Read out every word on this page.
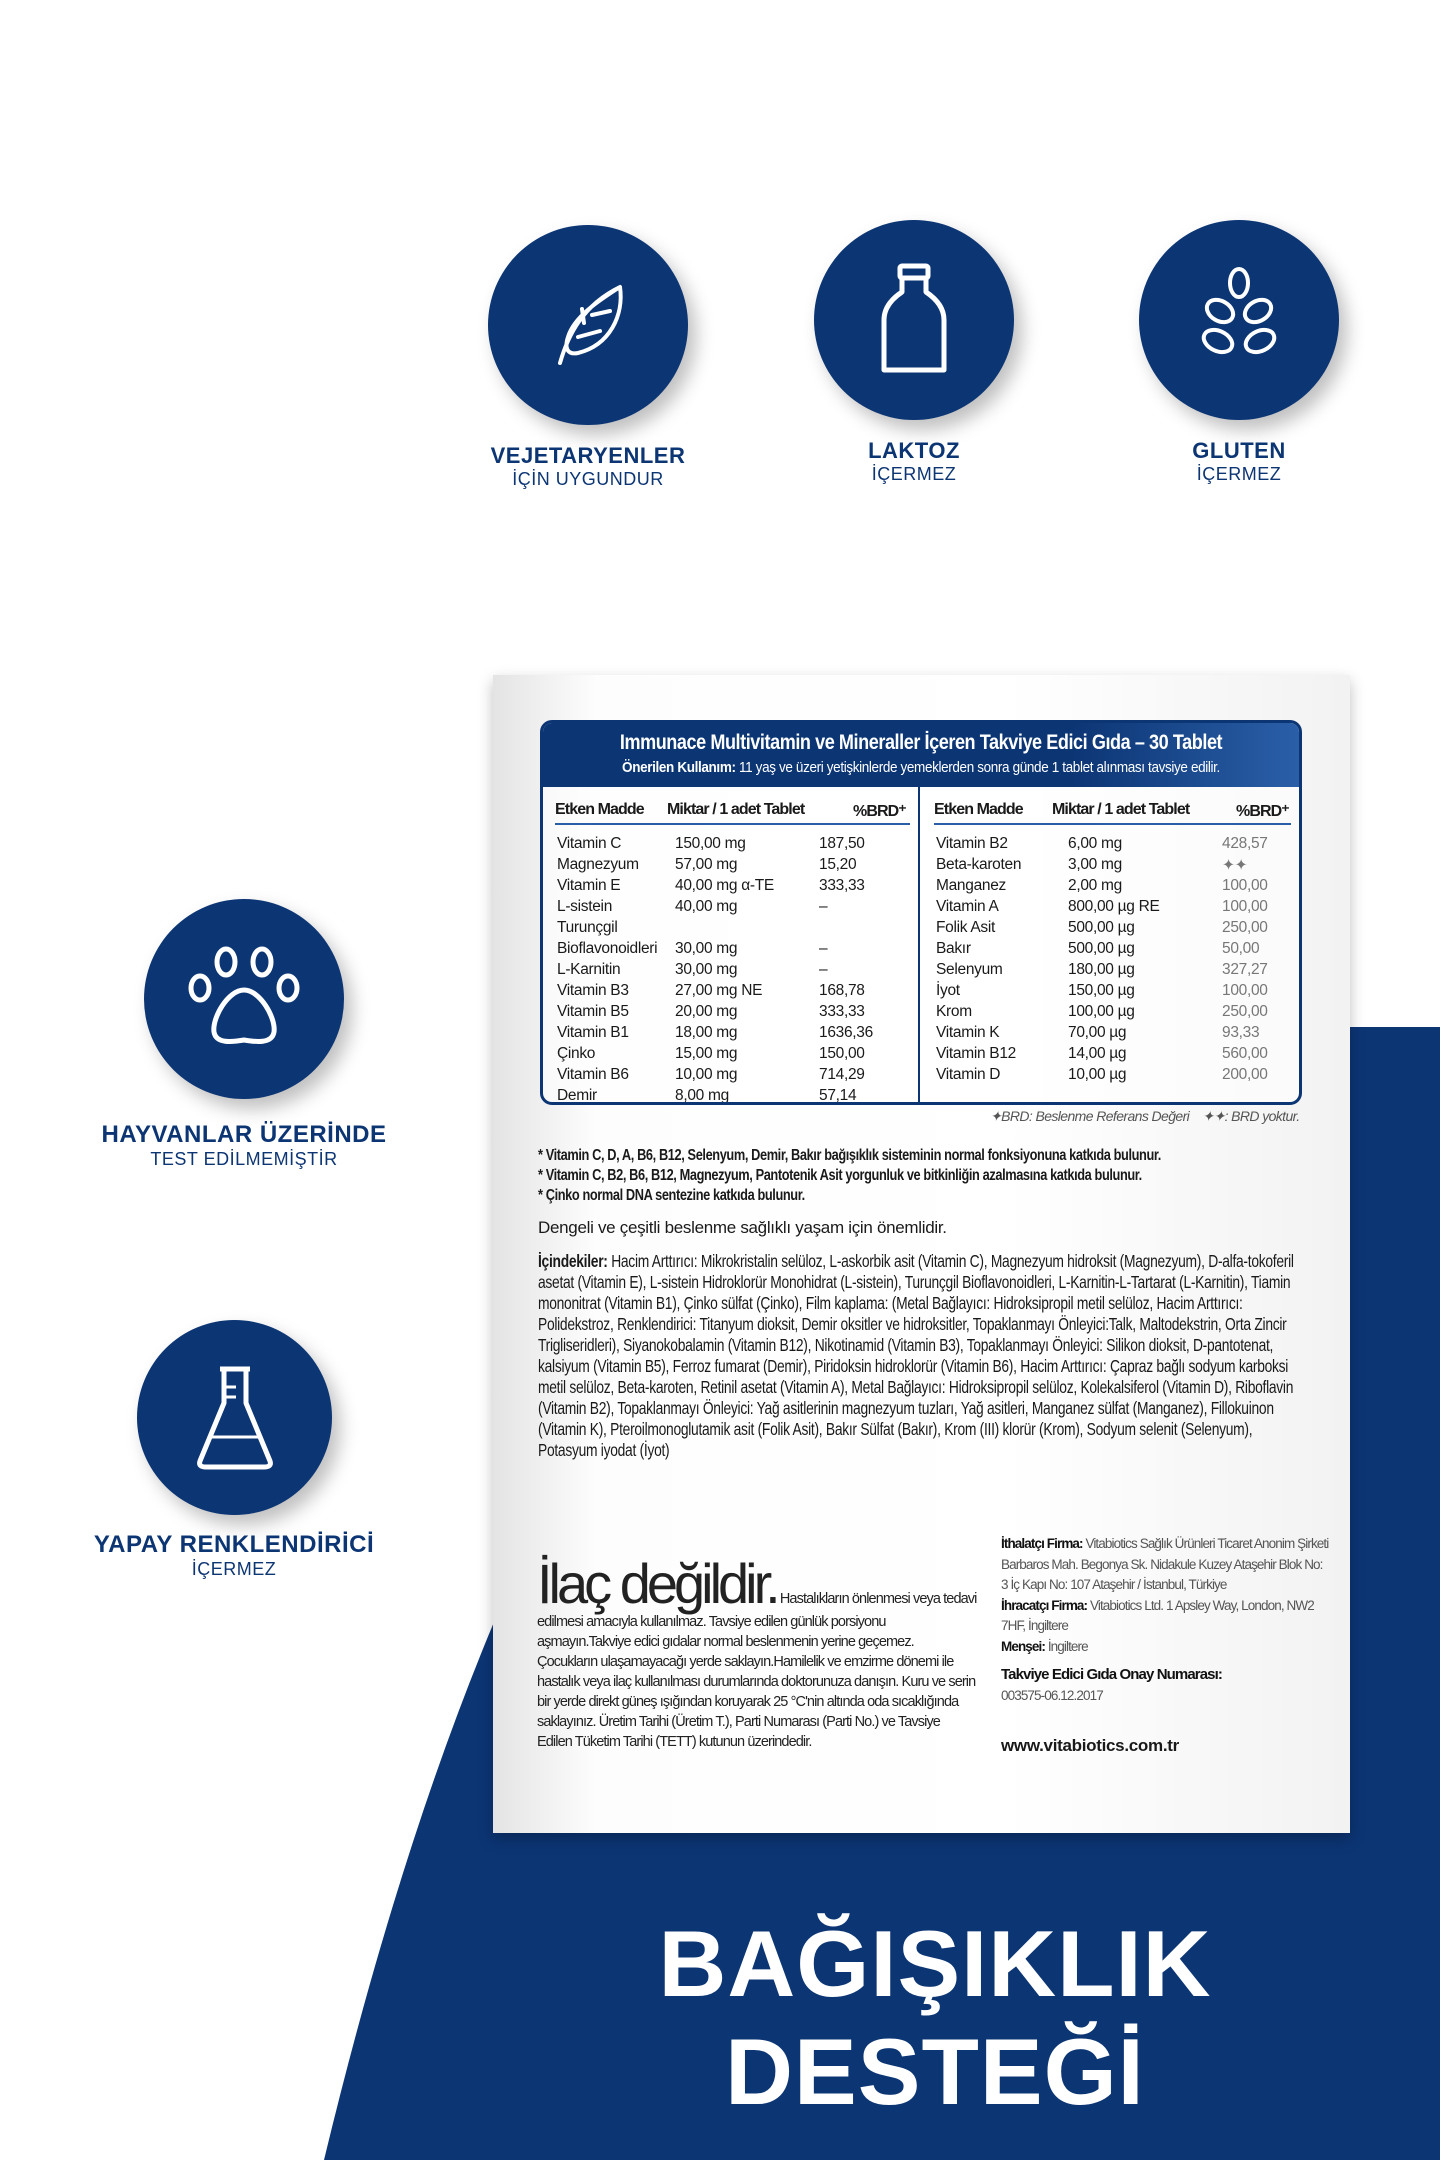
VEJETARYENLER
İÇİN UYGUNDUR
LAKTOZ
İÇERMEZ
GLUTEN
İÇERMEZ
HAYVANLAR ÜZERİNDE
TEST EDİLMEMİŞTİR
YAPAY RENKLENDİRİCİ
İÇERMEZ
Immunace Multivitamin ve Mineraller İçeren Takviye Edici Gıda – 30 Tablet
Önerilen Kullanım: 11 yaş ve üzeri yetişkinlerde yemeklerden sonra günde 1 tablet alınması tavsiye edilir.
Etken Madde Miktar / 1 adet Tablet	%BRD⁺
Vitamin C	150,00 mg	187,50
Magnezyum 57,00 mg	15,20
Vitamin E	40,00 mg α-TE	333,33
L-sistein	40,00 mg	–
Turunçgil
Bioflavonoidleri 30,00 mg	–
L-Karnitin	30,00 mg	–
Vitamin B3	27,00 mg NE	168,78
Vitamin B5	20,00 mg	333,33
Vitamin B1	18,00 mg	1636,36
Çinko	15,00 mg	150,00
Vitamin B6	10,00 mg	714,29
Demir	8,00 mg	57,14
Etken Madde Miktar / 1 adet Tablet	%BRD⁺
Vitamin B2	6,00 mg	428,57
Beta-karoten	3,00 mg	✦✦
Manganez	2,00 mg	100,00
Vitamin A	800,00 µg RE	100,00
Folik Asit	500,00 µg	250,00
Bakır	500,00 µg	50,00
Selenyum	180,00 µg	327,27
İyot	150,00 µg	100,00
Krom	100,00 µg	250,00
Vitamin K	70,00 µg	93,33
Vitamin B12	14,00 µg	560,00
Vitamin D	10,00 µg	200,00
✦BRD: Beslenme Referans Değeri    ✦✦: BRD yoktur.
* Vitamin C, D, A, B6, B12, Selenyum, Demir, Bakır bağışıklık sisteminin normal fonksiyonuna katkıda bulunur.
* Vitamin C, B2, B6, B12, Magnezyum, Pantotenik Asit yorgunluk ve bitkinliğin azalmasına katkıda bulunur.
* Çinko normal DNA sentezine katkıda bulunur.
Dengeli ve çeşitli beslenme sağlıklı yaşam için önemlidir.
İçindekiler: Hacim Arttırıcı: Mikrokristalin selüloz, L-askorbik asit (Vitamin C), Magnezyum hidroksit (Magnezyum), D-alfa-tokoferil asetat (Vitamin E), L-sistein Hidroklorür Monohidrat (L-sistein), Turunçgil Bioflavonoidleri, L-Karnitin-L-Tartarat (L-Karnitin), Tiamin mononitrat (Vitamin B1), Çinko sülfat (Çinko), Film kaplama: (Metal Bağlayıcı: Hidroksipropil metil selüloz, Hacim Arttırıcı: Polidekstroz, Renklendirici: Titanyum dioksit, Demir oksitler ve hidroksitler, Topaklanmayı Önleyici:Talk, Maltodekstrin, Orta Zincir Trigliseridleri), Siyanokobalamin (Vitamin B12), Nikotinamid (Vitamin B3), Topaklanmayı Önleyici: Silikon dioksit, D-pantotenat, kalsiyum (Vitamin B5), Ferroz fumarat (Demir), Piridoksin hidroklorür (Vitamin B6), Hacim Arttırıcı: Çapraz bağlı sodyum karboksi metil selüloz, Beta-karoten, Retinil asetat (Vitamin A), Metal Bağlayıcı: Hidroksipropil selüloz, Kolekalsiferol (Vitamin D), Riboflavin (Vitamin B2), Topaklanmayı Önleyici: Yağ asitlerinin magnezyum tuzları, Yağ asitleri, Manganez sülfat (Manganez), Fillokuinon (Vitamin K), Pteroilmonoglutamik asit (Folik Asit), Bakır Sülfat (Bakır), Krom (III) klorür (Krom), Sodyum selenit (Selenyum), Potasyum iyodat (İyot)
İlaç değildir. Hastalıkların önlenmesi veya tedavi edilmesi amacıyla kullanılmaz. Tavsiye edilen günlük porsiyonu aşmayın.Takviye edici gıdalar normal beslenmenin yerine geçemez. Çocukların ulaşamayacağı yerde saklayın.Hamilelik ve emzirme dönemi ile hastalık veya ilaç kullanılması durumlarında doktorunuza danışın. Kuru ve serin bir yerde direkt güneş ışığından koruyarak 25 °C'nin altında oda sıcaklığında saklayınız. Üretim Tarihi (Üretim T.), Parti Numarası (Parti No.) ve Tavsiye Edilen Tüketim Tarihi (TETT) kutunun üzerindedir.
İthalatçı Firma: Vitabiotics Sağlık Ürünleri Ticaret Anonim Şirketi Barbaros Mah. Begonya Sk. Nidakule Kuzey Ataşehir Blok No: 3 İç Kapı No: 107 Ataşehir / İstanbul, Türkiye
İhracatçı Firma: Vitabiotics Ltd. 1 Apsley Way, London, NW2 7HF, İngiltere
Menşei: İngiltere
Takviye Edici Gıda Onay Numarası:
003575-06.12.2017
www.vitabiotics.com.tr
BAĞIŞIKLIK DESTEĞİ
